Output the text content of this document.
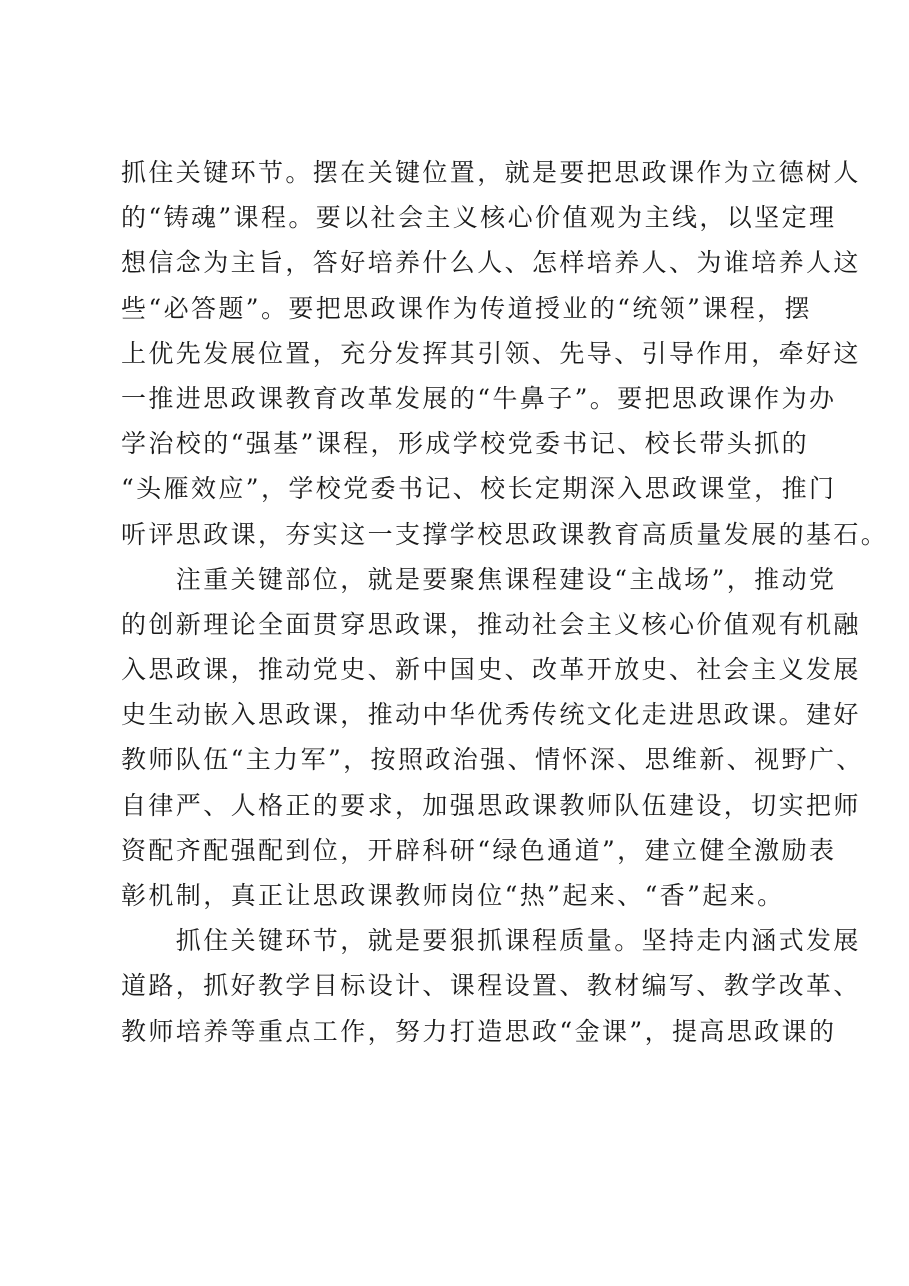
抓住关键环节。摆在关键位置，就是要把思政课作为立德树人
的“铸魂”课程。要以社会主义核心价值观为主线，以坚定理
想信念为主旨，答好培养什么人、怎样培养人、为谁培养人这
些“必答题”。要把思政课作为传道授业的“统领”课程，摆
上优先发展位置，充分发挥其引领、先导、引导作用，牵好这
一推进思政课教育改革发展的“牛鼻子”。要把思政课作为办
学治校的“强基”课程，形成学校党委书记、校长带头抓的
“头雁效应”，学校党委书记、校长定期深入思政课堂，推门
听评思政课，夯实这一支撑学校思政课教育高质量发展的基石。
　　注重关键部位，就是要聚焦课程建设“主战场”，推动党
的创新理论全面贯穿思政课，推动社会主义核心价值观有机融
入思政课，推动党史、新中国史、改革开放史、社会主义发展
史生动嵌入思政课，推动中华优秀传统文化走进思政课。建好
教师队伍“主力军”，按照政治强、情怀深、思维新、视野广、
自律严、人格正的要求，加强思政课教师队伍建设，切实把师
资配齐配强配到位，开辟科研“绿色通道”，建立健全激励表
彰机制，真正让思政课教师岗位“热”起来、“香”起来。
　　抓住关键环节，就是要狠抓课程质量。坚持走内涵式发展
道路，抓好教学目标设计、课程设置、教材编写、教学改革、
教师培养等重点工作，努力打造思政“金课”，提高思政课的
